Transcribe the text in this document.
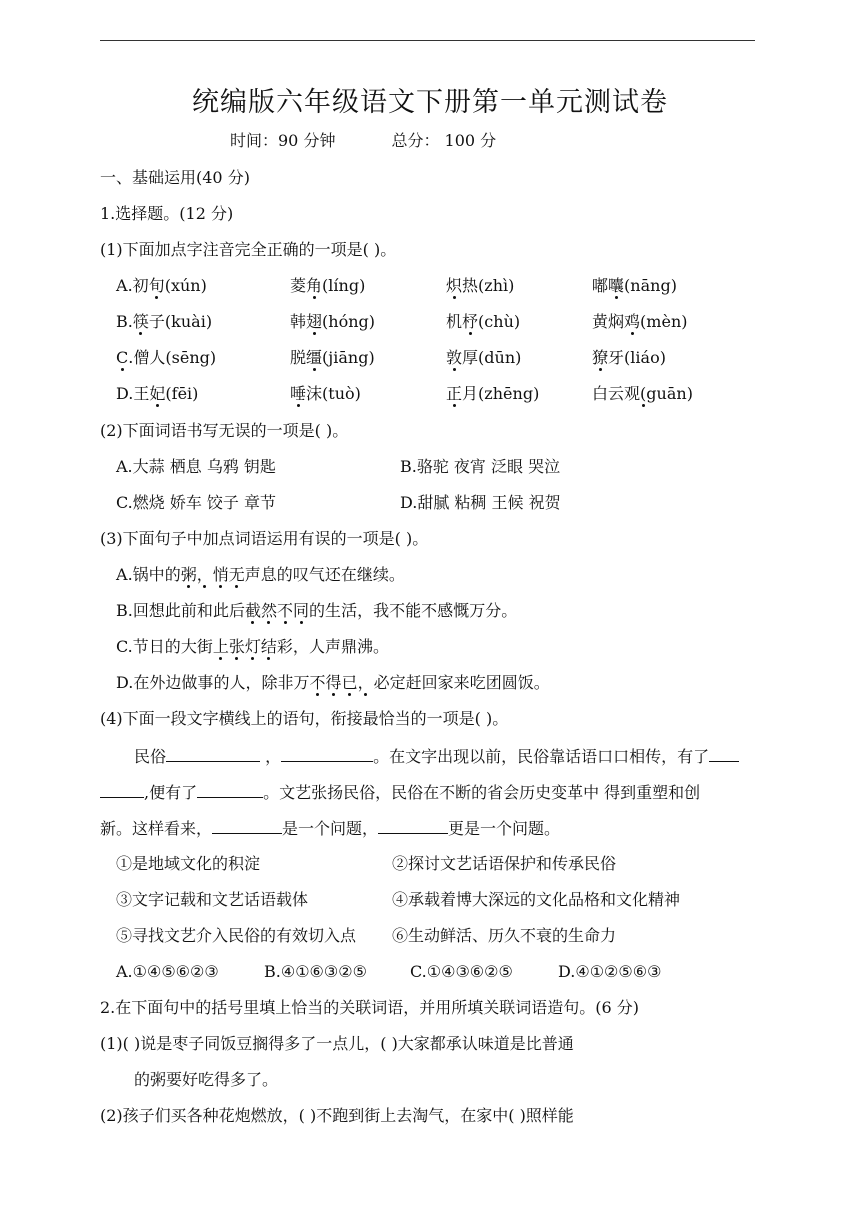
统编版六年级语文下册第一单元测试卷
时间：90 分钟	总分： 100 分
一、基础运用(40 分)
1.选择题。(12 分)
(1)下面加点字注音完全正确的一项是( )。
A.初旬(xún)	菱角(líng)	炽热(zhì)	嘟囔(nāng)
B.筷子(kuài)	韩翅(hóng)	机杼(chù)	黄焖鸡(mèn)
C.僧人(sēng)	脱缰(jiāng)	敦厚(dūn)	獠牙(liáo)
D.王妃(fēi)	唾沫(tuò)	正月(zhēng)	白云观(guān)
(2)下面词语书写无误的一项是( )。
A.大蒜 栖息 乌鸦 钥匙	B.骆驼 夜宵 泛眼 哭泣
C.燃烧 娇车 饺子 章节	D.甜腻 粘稠 王候 祝贺
(3)下面句子中加点词语运用有误的一项是( )。
A.锅中的粥，悄无声息的叹气还在继续。
B.回想此前和此后截然不同的生活，我不能不感慨万分。
C.节日的大街上张灯结彩，人声鼎沸。
D.在外边做事的人，除非万不得已，必定赶回家来吃团圆饭。
(4)下面一段文字横线上的语句，衔接最恰当的一项是( )。
民俗	，	。在文字出现以前，民俗靠话语口口相传，有了
,便有了	。文艺张扬民俗，民俗在不断的省会历史变革中 得到重塑和创
新。这样看来，	是一个问题，	更是一个问题。
①是地域文化的积淀	②探讨文艺话语保护和传承民俗
③文字记载和文艺话语载体	④承载着博大深远的文化品格和文化精神
⑤寻找文艺介入民俗的有效切入点 ⑥生动鲜活、历久不衰的生命力
A.①④⑤⑥②③	B.④①⑥③②⑤	C.①④③⑥②⑤	D.④①②⑤⑥③
2.在下面句中的括号里填上恰当的关联词语，并用所填关联词语造句。(6 分)
(1)( )说是枣子同饭豆搁得多了一点儿，( )大家都承认味道是比普通
的粥要好吃得多了。
(2)孩子们买各种花炮燃放，( )不跑到街上去淘气，在家中( )照样能
